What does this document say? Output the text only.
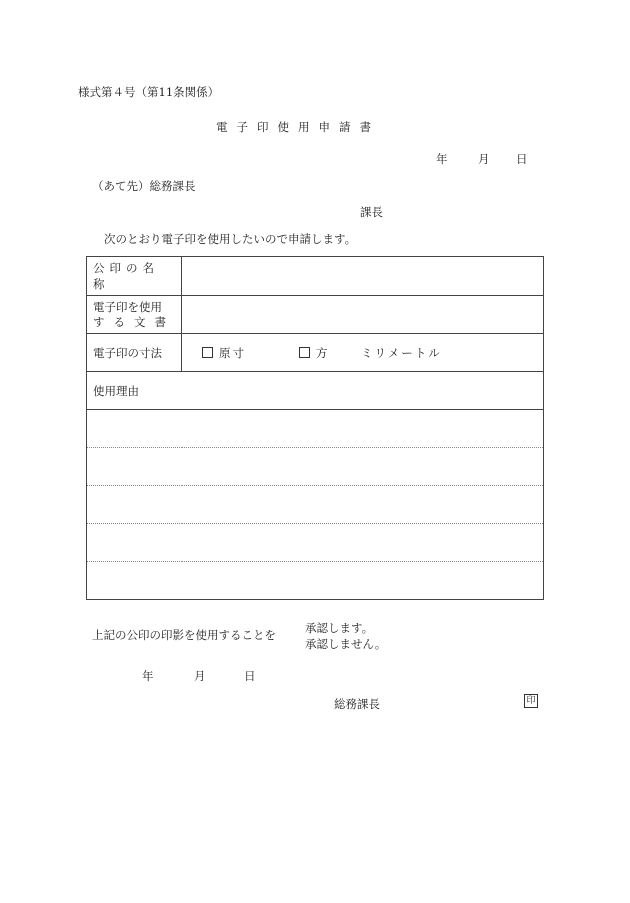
様式第４号（第11条関係）
電子印使用申請書
年	月 日
（あて先）総務課長
課長
次のとおり電子印を使用したいので申請します。
公印の名称	

電子印を使用
する文書	

電子印の寸法	原寸 方 ミリメートル
使用理由	

上記の公印の印影を使用することを	承認します。
承認しません。
年	月	日
総務課長	印
